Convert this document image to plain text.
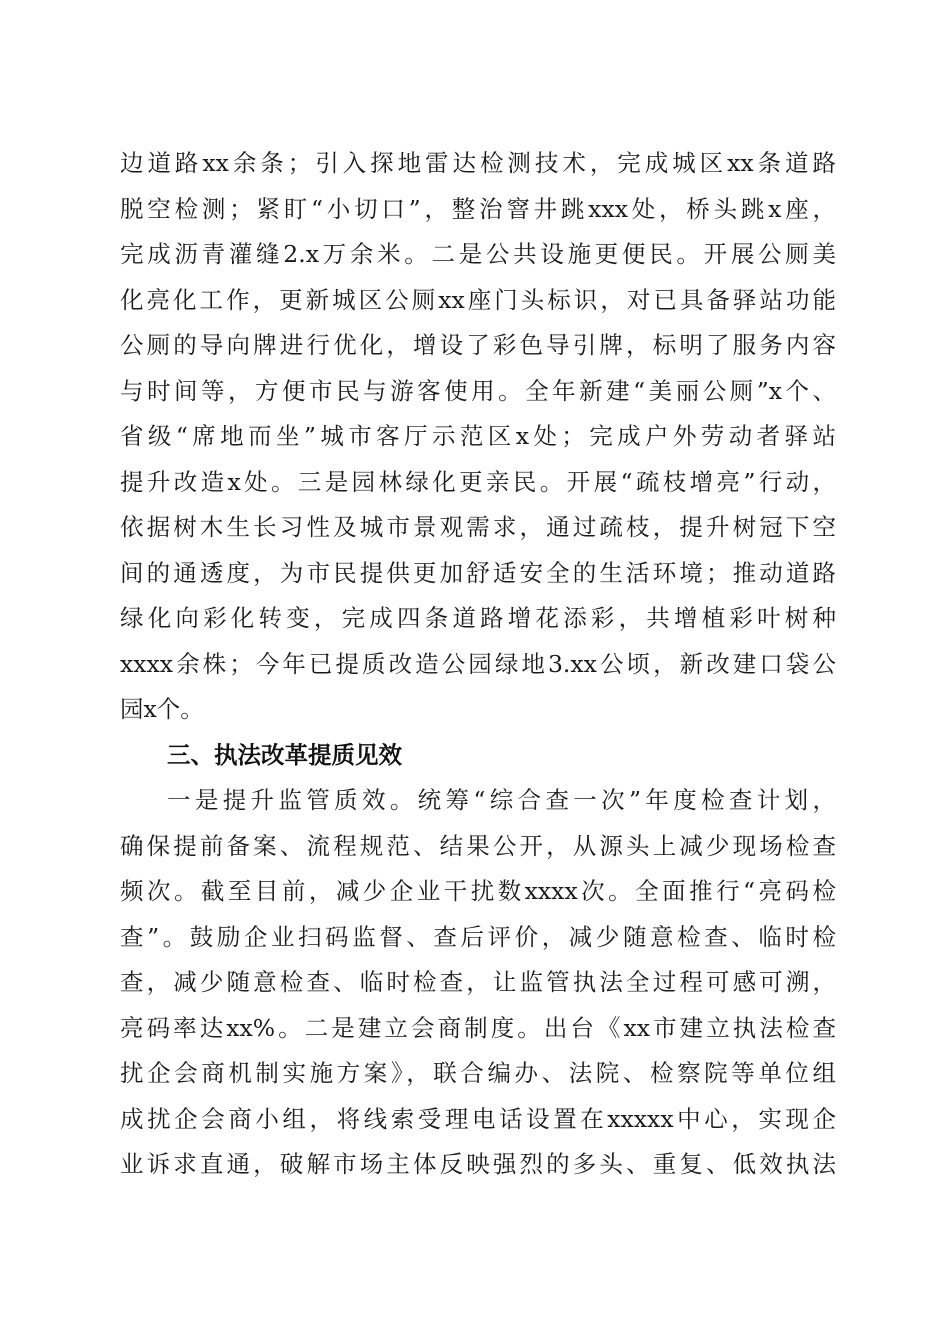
边道路xx余条；引入探地雷达检测技术，完成城区xx条道路
脱空检测；紧盯“小切口”，整治窨井跳xxx处，桥头跳x座，
完成沥青灌缝2.x万余米。二是公共设施更便民。开展公厕美
化亮化工作，更新城区公厕xx座门头标识，对已具备驿站功能
公厕的导向牌进行优化，增设了彩色导引牌，标明了服务内容
与时间等，方便市民与游客使用。全年新建“美丽公厕”x个、
省级“席地而坐”城市客厅示范区x处；完成户外劳动者驿站
提升改造x处。三是园林绿化更亲民。开展“疏枝增亮”行动，
依据树木生长习性及城市景观需求，通过疏枝，提升树冠下空
间的通透度，为市民提供更加舒适安全的生活环境；推动道路
绿化向彩化转变，完成四条道路增花添彩，共增植彩叶树种
xxxx余株；今年已提质改造公园绿地3.xx公顷，新改建口袋公
园x个。
三、执法改革提质见效
一是提升监管质效。统筹“综合查一次”年度检查计划，
确保提前备案、流程规范、结果公开，从源头上减少现场检查
频次。截至目前，减少企业干扰数xxxx次。全面推行“亮码检
查”。鼓励企业扫码监督、查后评价，减少随意检查、临时检
查，减少随意检查、临时检查，让监管执法全过程可感可溯，
亮码率达xx%。二是建立会商制度。出台《xx市建立执法检查
扰企会商机制实施方案》，联合编办、法院、检察院等单位组
成扰企会商小组，将线索受理电话设置在xxxxx中心，实现企
业诉求直通，破解市场主体反映强烈的多头、重复、低效执法
